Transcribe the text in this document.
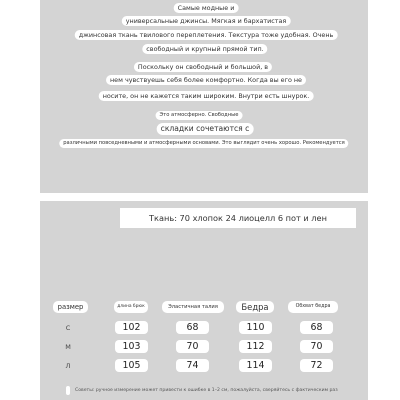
Самые модные и
универсальные джинсы. Мягкая и бархатистая
джинсовая ткань твилового переплетения. Текстура тоже удобная. Очень
свободный и крупный прямой тип.
Поскольку он свободный и большой, в
нем чувствуешь себя более комфортно. Когда вы его не
носите, он не кажется таким широким. Внутри есть шнурок.
Это атмосферно. Свободные
складки сочетаются с
различными повседневными и атмосферными основами. Это выглядит очень хорошо. Рекомендуется
Ткань: 70 хлопок 24 лиоцелл 6 пот и лен
размер	длина брюк	Эластичная талия	Бедра	Обхват бедра
С	102	68	110	68
М	103	70	112	70
Л	105	74	114	72
Советы: ручное измерение может привести к ошибке в 1–2 см, пожалуйста, сверяйтесь с фактическим раз
